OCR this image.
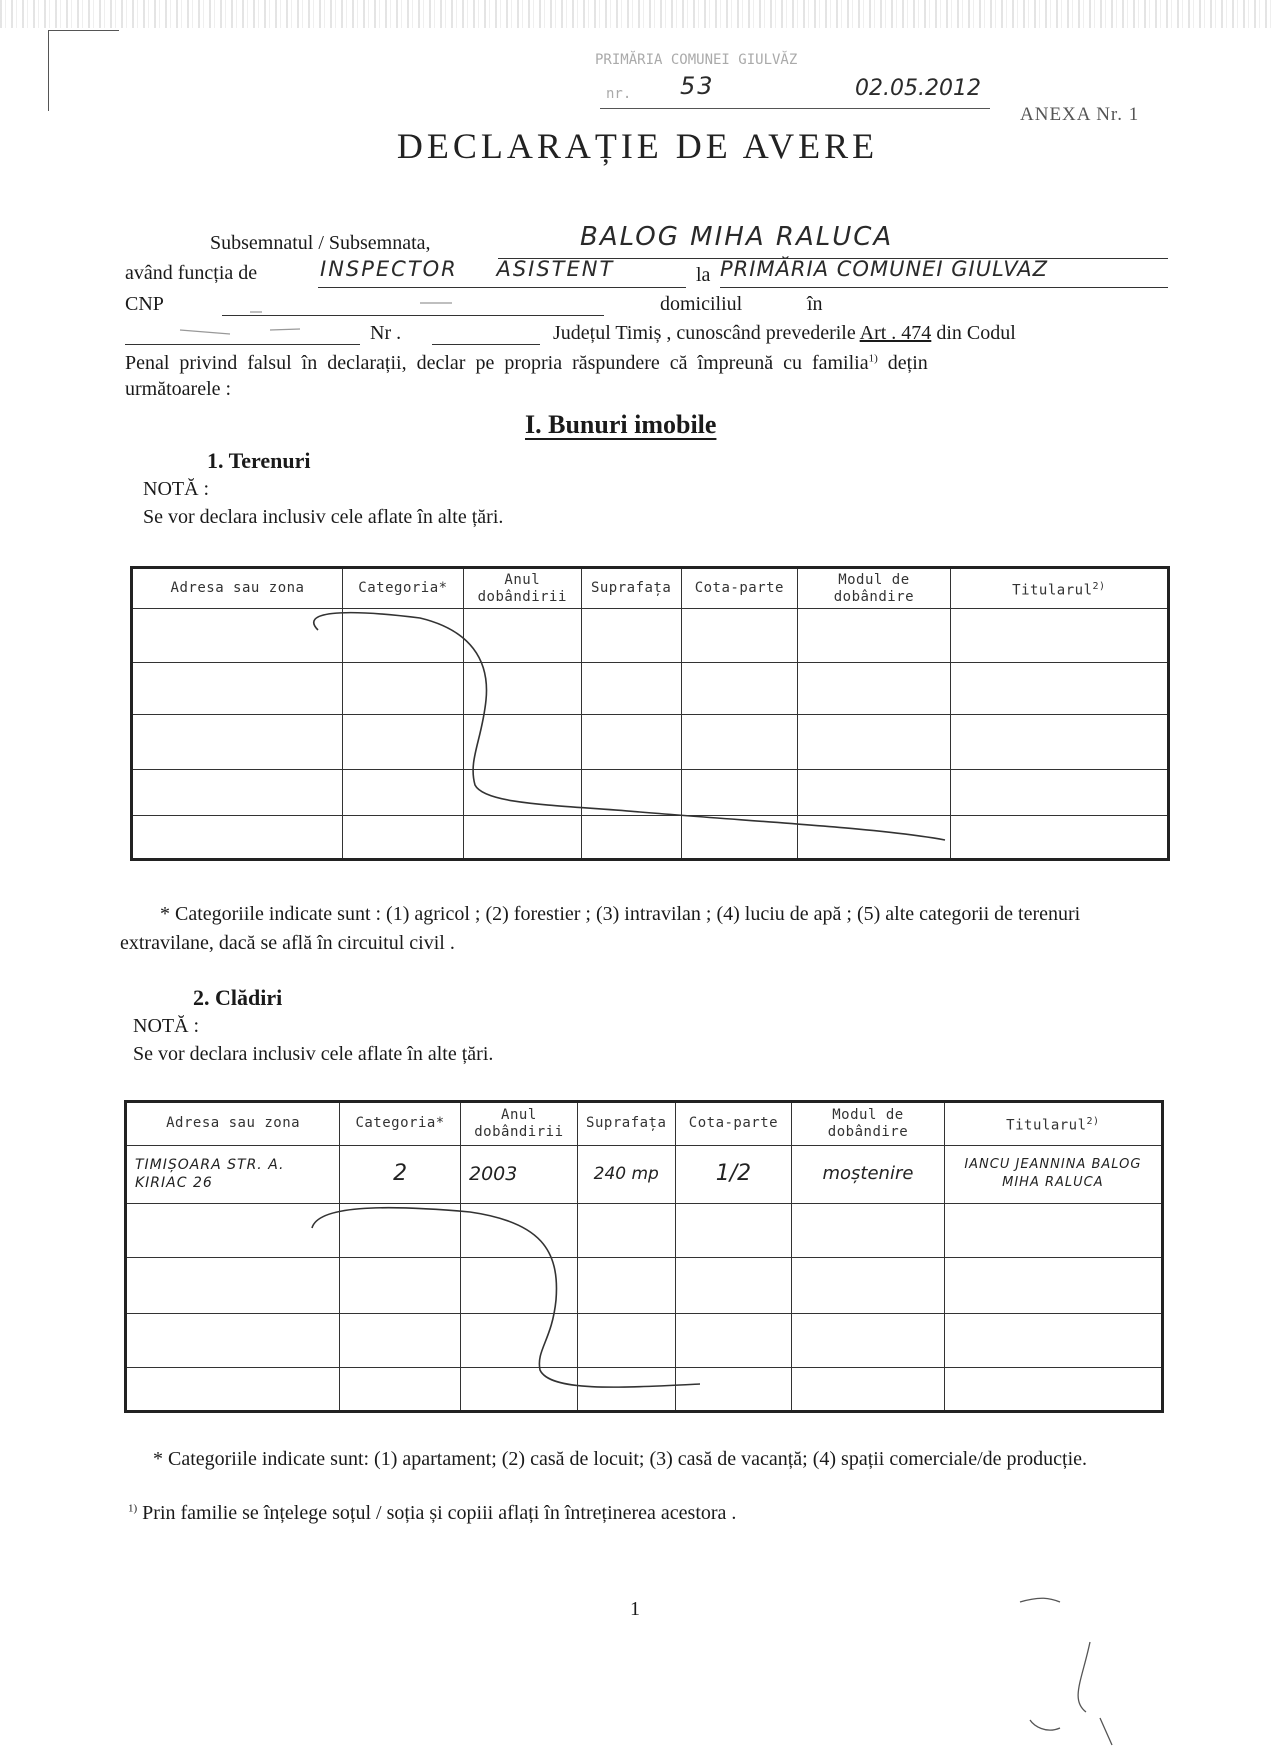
PRIMĂRIA COMUNEI GIULVĂZ
nr. 53	02.05.2012
ANEXA Nr. 1
DECLARAȚIE DE AVERE
Subsemnatul / Subsemnata,	BALOG MIHA RALUCA
având funcția de	INSPECTOR ASISTENT	la PRIMĂRIA COMUNEI GIULVAZ
CNP	domiciliul	în
Nr .	Județul Timiș , cunoscând prevederile Art . 474 din Codul
Penal privind falsul în declarații, declar pe propria răspundere că împreună cu familia$^{1)}$ dețin
următoarele :
I. Bunuri imobile
1. Terenuri
NOTĂ :
Se vor declara inclusiv cele aflate în alte țări.
Adresa sau zona	Categoria*	Anul dobândirii	Suprafața	Cota-parte	Modul de dobândire	Titularul$^{2)}$

* Categoriile indicate sunt : (1) agricol ; (2) forestier ; (3) intravilan ; (4) luciu de apă ; (5) alte categorii de terenuri extravilane, dacă se află în circuitul civil .
2. Clădiri
NOTĂ :
Se vor declara inclusiv cele aflate în alte țări.
Adresa sau zona	Categoria*	Anul dobândirii	Suprafața	Cota-parte	Modul de dobândire	Titularul$^{2)}$
TIMIȘOARA STR. A. KIRIAC 26	2	2003	240 mp	1/2	moștenire	IANCU JEANNINA BALOG MIHA RALUCA

* Categoriile indicate sunt: (1) apartament; (2) casă de locuit; (3) casă de vacanță; (4) spații comerciale/de producție.
$^{1)}$ Prin familie se înțelege soțul / soția și copiii aflați în întreținerea acestora .
1
